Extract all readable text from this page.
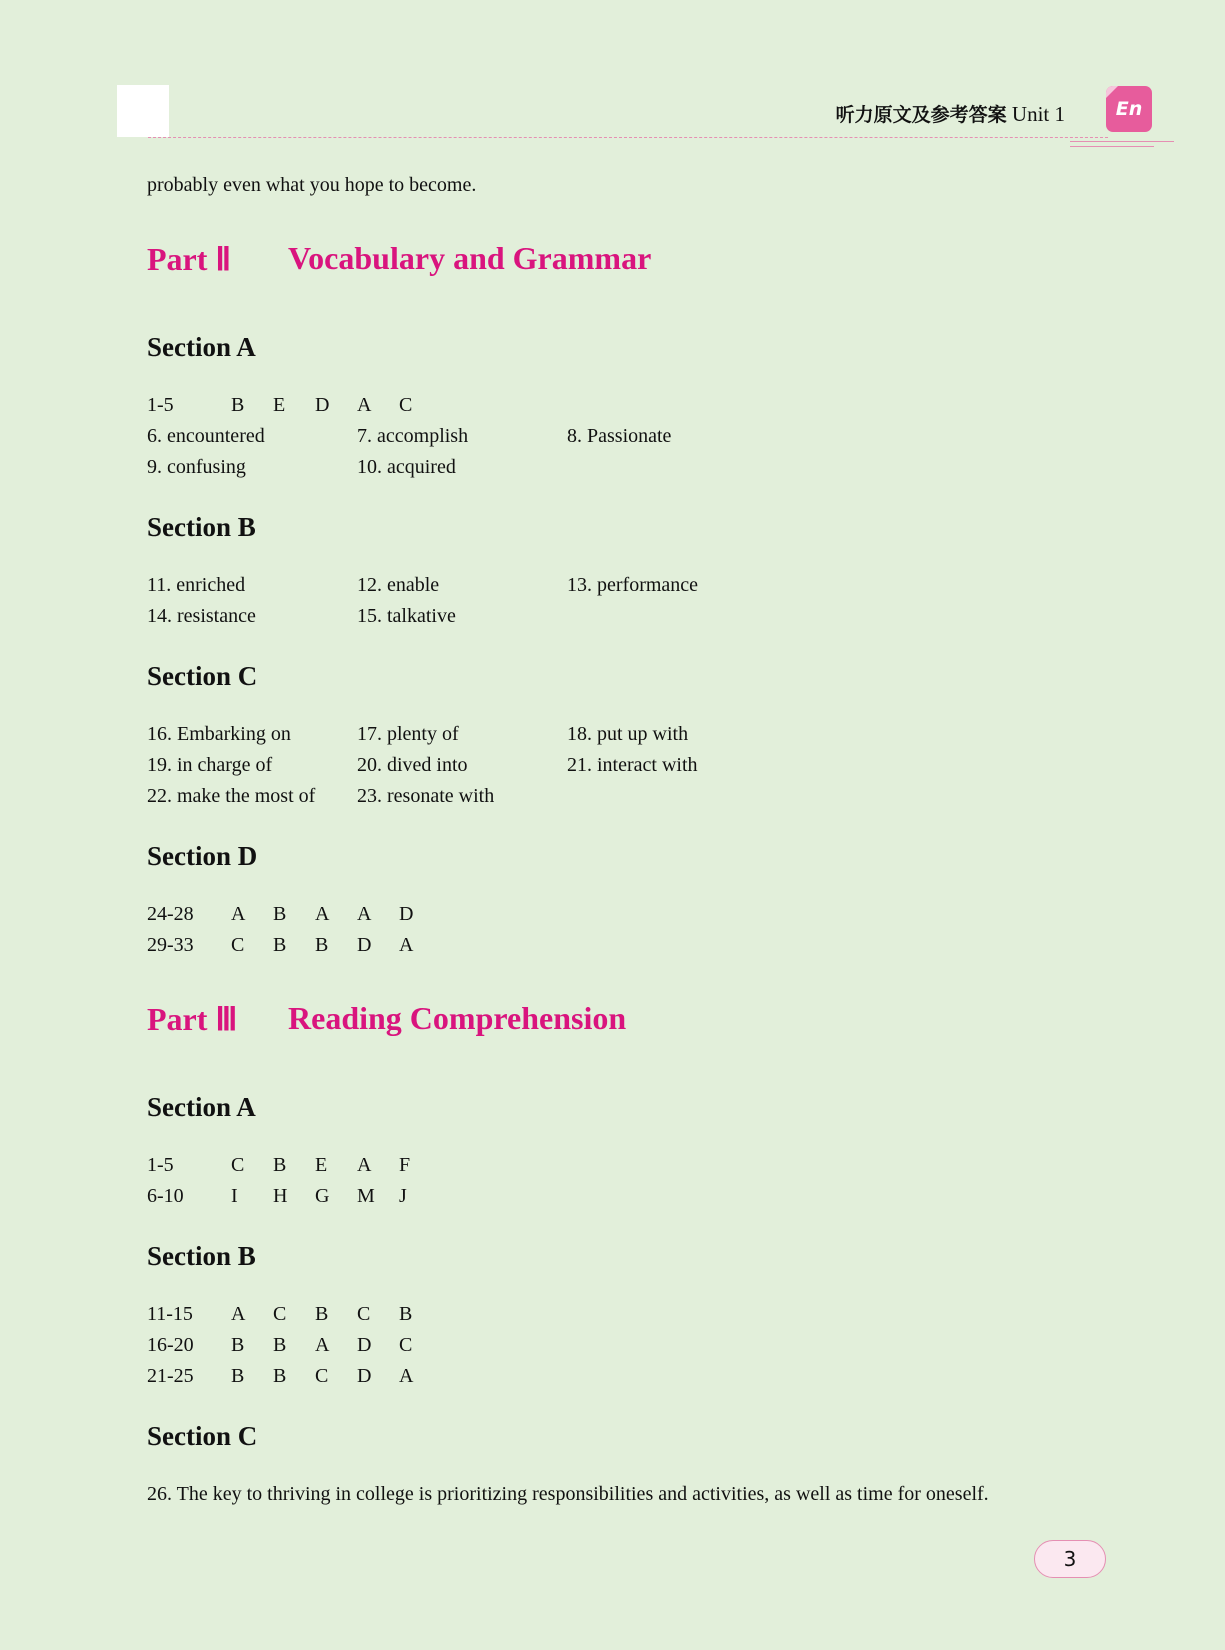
听力原文及参考答案 Unit 1	En
probably even what you hope to become.
Part Ⅱ Vocabulary and Grammar
Section A
1-5	B E D A C
6. encountered	7. accomplish	8. Passionate
9. confusing	10. acquired
Section B
11. enriched	12. enable	13. performance
14. resistance	15. talkative
Section C
16. Embarking on	17. plenty of	18. put up with
19. in charge of	20. dived into	21. interact with
22. make the most of 23. resonate with
Section D
24-28 A B A A D
29-33 C B B D A
Part Ⅲ Reading Comprehension
Section A
1-5	C B E A F
6-10 I H G M J
Section B
11-15 A C B C B
16-20 B B A D C
21-25 B B C D A
Section C
26. The key to thriving in college is prioritizing responsibilities and activities, as well as time for oneself.
3
